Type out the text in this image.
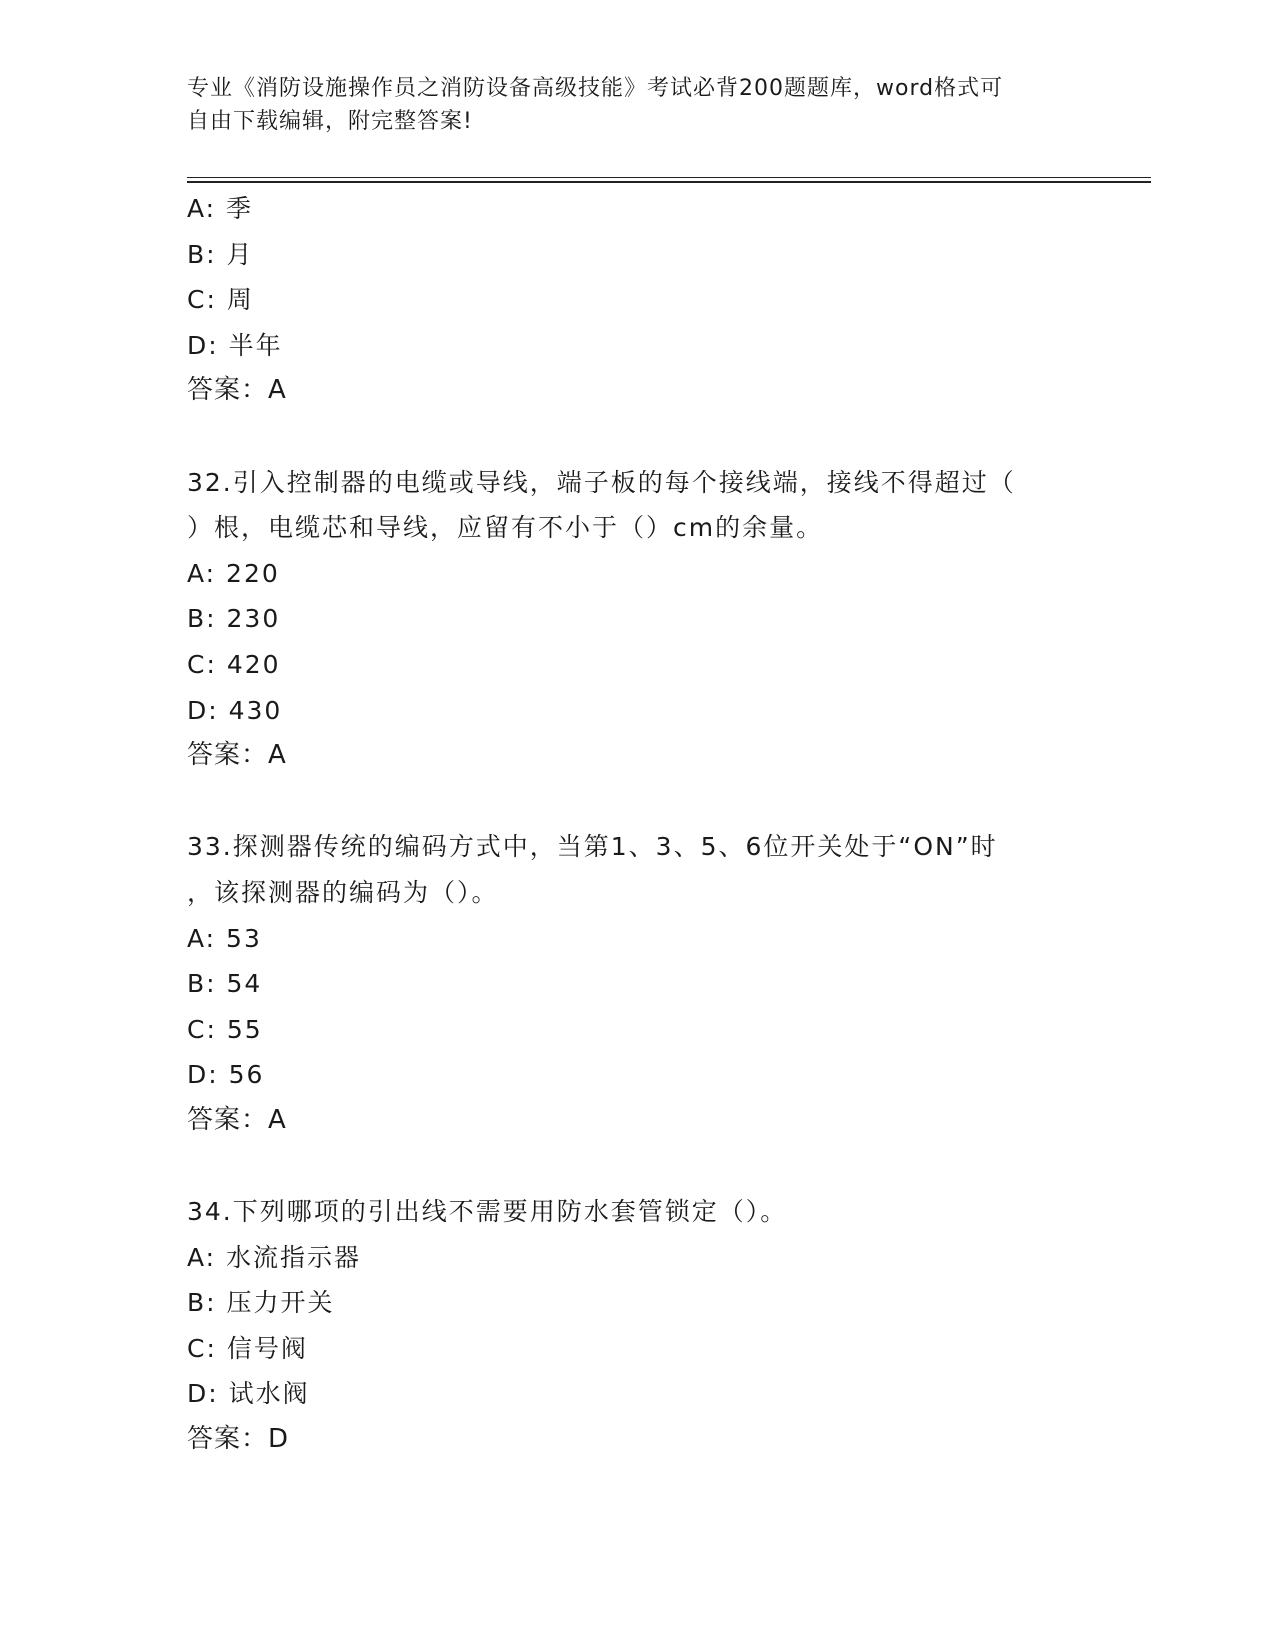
专业《消防设施操作员之消防设备高级技能》考试必背200题题库，word格式可
自由下载编辑，附完整答案!
A: 季
B: 月
C: 周
D: 半年
答案：A
32.引入控制器的电缆或导线，端子板的每个接线端，接线不得超过（
）根，电缆芯和导线，应留有不小于（）cm的余量。
A: 220
B: 230
C: 420
D: 430
答案：A
33.探测器传统的编码方式中，当第1、3、5、6位开关处于“ON”时
，该探测器的编码为（）。
A: 53
B: 54
C: 55
D: 56
答案：A
34.下列哪项的引出线不需要用防水套管锁定（）。
A: 水流指示器
B: 压力开关
C: 信号阀
D: 试水阀
答案：D
